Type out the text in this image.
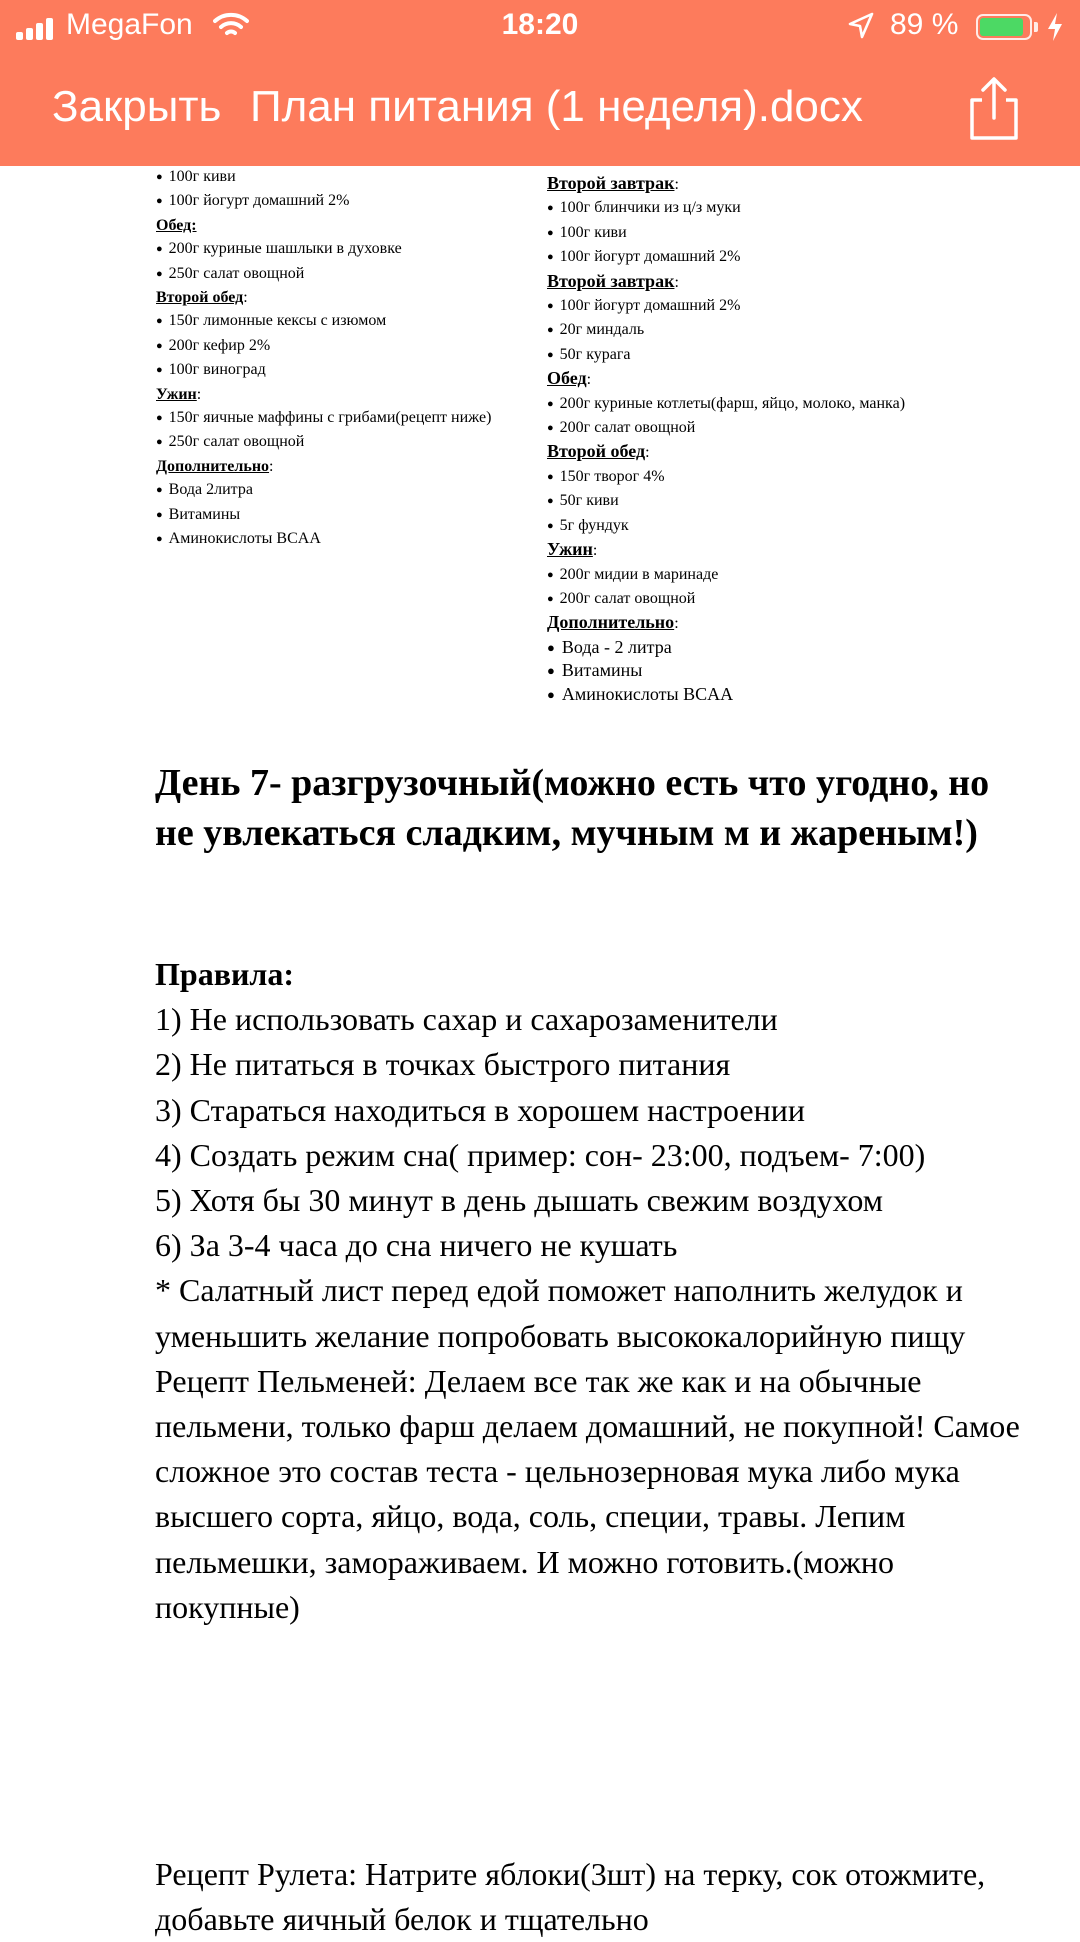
MegaFon	18:20	89 %
Закрыть План питания (1 неделя).docx
● 100г киви
● 100г йогурт домашний 2%
Обед:
● 200г куриные шашлыки в духовке
● 250г салат овощной
Второй обед:
● 150г лимонные кексы с изюмом
● 200г кефир 2%
● 100г виноград
Ужин:
● 150г яичные маффины с грибами(рецепт ниже)
● 250г салат овощной
Дополнительно:
● Вода 2литра
● Витамины
● Аминокислоты BCAA
Второй завтрак:
● 100г блинчики из ц/з муки
● 100г киви
● 100г йогурт домашний 2%
Второй завтрак:
● 100г йогурт домашний 2%
● 20г миндаль
● 50г курага
Обед:
● 200г куриные котлеты(фарш, яйцо, молоко, манка)
● 200г салат овощной
Второй обед:
● 150г творог 4%
● 50г киви
● 5г фундук
Ужин:
● 200г мидии в маринаде
● 200г салат овощной
Дополнительно:
● Вода - 2 литра
● Витамины
● Аминокислоты BCAA
День 7- разгрузочный(можно есть что угодно, но не увлекаться сладким, мучным м и жареным!)

Правила:

1) Не использовать сахар и сахарозаменители

2) Не питаться в точках быстрого питания

3) Стараться находиться в хорошем настроении

4) Создать режим сна( пример: сон- 23:00, подъем- 7:00)

5) Хотя бы 30 минут в день дышать свежим воздухом

6) За 3-4 часа до сна ничего не кушать

* Салатный лист перед едой поможет наполнить желудок и уменьшить желание попробовать высококалорийную пищу

Рецепт Пельменей: Делаем все так же как и на обычные пельмени, только фарш делаем домашний, не покупной! Самое сложное это состав теста - цельнозерновая мука либо мука высшего сорта, яйцо, вода, соль, специи, травы. Лепим пельмешки, замораживаем. И можно готовить.(можно покупные)

Рецепт Рулета: Натрите яблоки(3шт) на терку, сок отожмите, добавьте яичный белок и тщательно
